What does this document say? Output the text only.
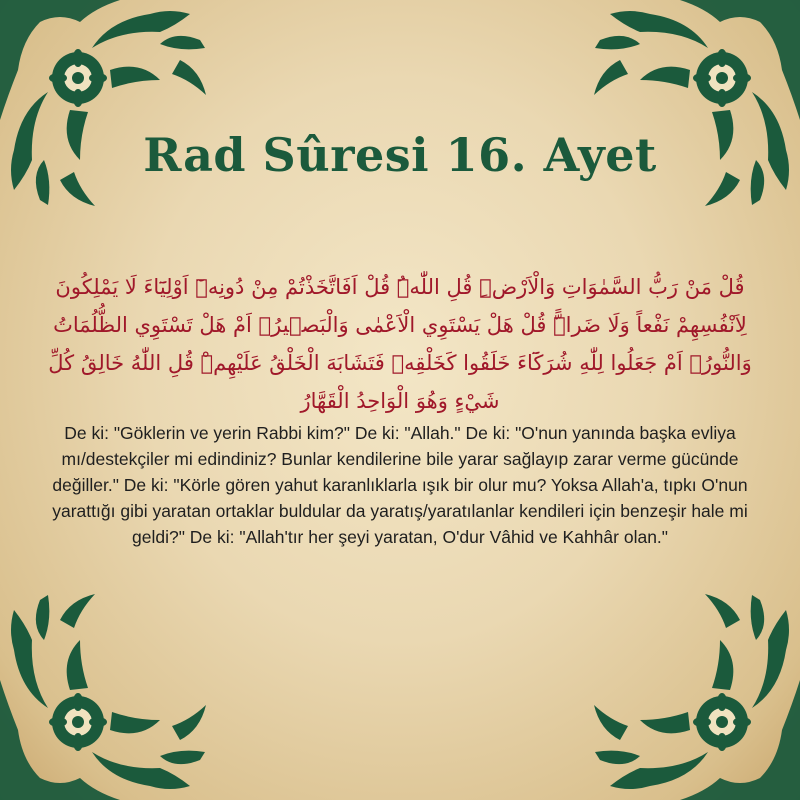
Rad Sûresi 16. Ayet
قُلْ مَنْ رَبُّ السَّمٰوَاتِ وَالْاَرْضِۜ قُلِ اللّٰهُۜ قُلْ اَفَاتَّخَذْتُمْ مِنْ دُونِه۪ٓ اَوْلِيَٓاءَ لَا يَمْلِكُونَ لِاَنْفُسِهِمْ نَفْعاً وَلَا ضَراًّۜ قُلْ هَلْ يَسْتَوِي الْاَعْمٰى وَالْبَص۪يرُۙ اَمْ هَلْ تَسْتَوِي الظُّلُمَاتُ وَالنُّورُۚ اَمْ جَعَلُوا لِلّٰهِ شُرَكَٓاءَ خَلَقُوا كَخَلْقِه۪ فَتَشَابَهَ الْخَلْقُ عَلَيْهِمْۜ قُلِ اللّٰهُ خَالِقُ كُلِّ شَيْءٍ وَهُوَ الْوَاحِدُ الْقَهَّارُ
De ki: "Göklerin ve yerin Rabbi kim?" De ki: "Allah." De ki: "O'nun yanında başka evliya mı/destekçiler mi edindiniz? Bunlar kendilerine bile yarar sağlayıp zarar verme gücünde değiller." De ki: "Körle gören yahut karanlıklarla ışık bir olur mu? Yoksa Allah'a, tıpkı O'nun yarattığı gibi yaratan ortaklar buldular da yaratış/yaratılanlar kendileri için benzeşir hale mi geldi?" De ki: "Allah'tır her şeyi yaratan, O'dur Vâhid ve Kahhâr olan."
